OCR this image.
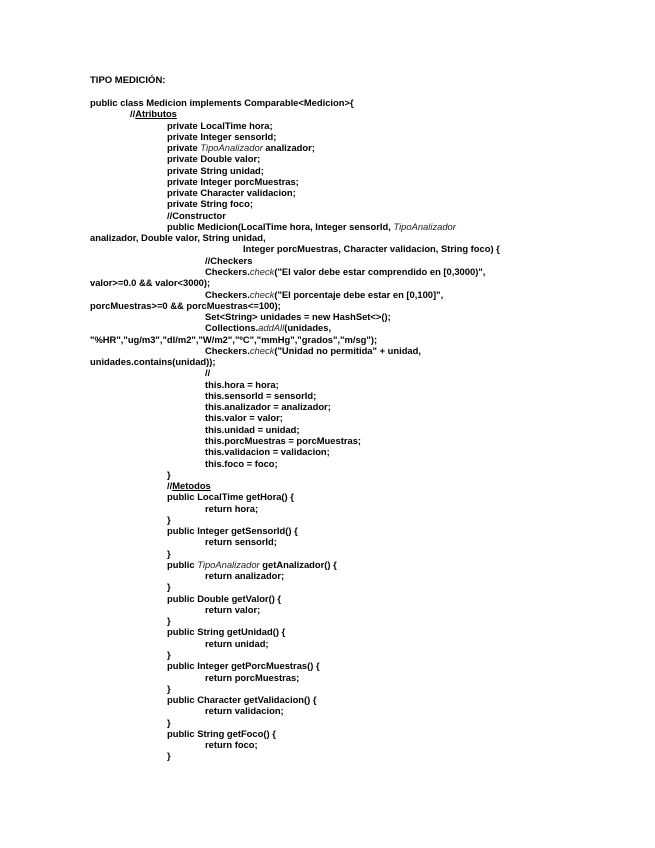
TIPO MEDICIÓN:
public class Medicion implements Comparable<Medicion>{
//Atributos
private LocalTime hora;
private Integer sensorId;
private TipoAnalizador analizador;
private Double valor;
private String unidad;
private Integer porcMuestras;
private Character validacion;
private String foco;
//Constructor
public Medicion(LocalTime hora, Integer sensorId, TipoAnalizador
analizador, Double valor, String unidad,
Integer porcMuestras, Character validacion, String foco) {
//Checkers
Checkers.check("El valor debe estar comprendido en [0,3000)",
valor>=0.0 && valor<3000);
Checkers.check("El porcentaje debe estar en [0,100]",
porcMuestras>=0 && porcMuestras<=100);
Set<String> unidades = new HashSet<>();
Collections.addAll(unidades,
"%HR","ug/m3","dl/m2","W/m2","ºC","mmHg","grados","m/sg");
Checkers.check("Unidad no permitida" + unidad,
unidades.contains(unidad));
//
this.hora = hora;
this.sensorId = sensorId;
this.analizador = analizador;
this.valor = valor;
this.unidad = unidad;
this.porcMuestras = porcMuestras;
this.validacion = validacion;
this.foco = foco;
}
//Metodos
public LocalTime getHora() {
return hora;
}
public Integer getSensorId() {
return sensorId;
}
public TipoAnalizador getAnalizador() {
return analizador;
}
public Double getValor() {
return valor;
}
public String getUnidad() {
return unidad;
}
public Integer getPorcMuestras() {
return porcMuestras;
}
public Character getValidacion() {
return validacion;
}
public String getFoco() {
return foco;
}
